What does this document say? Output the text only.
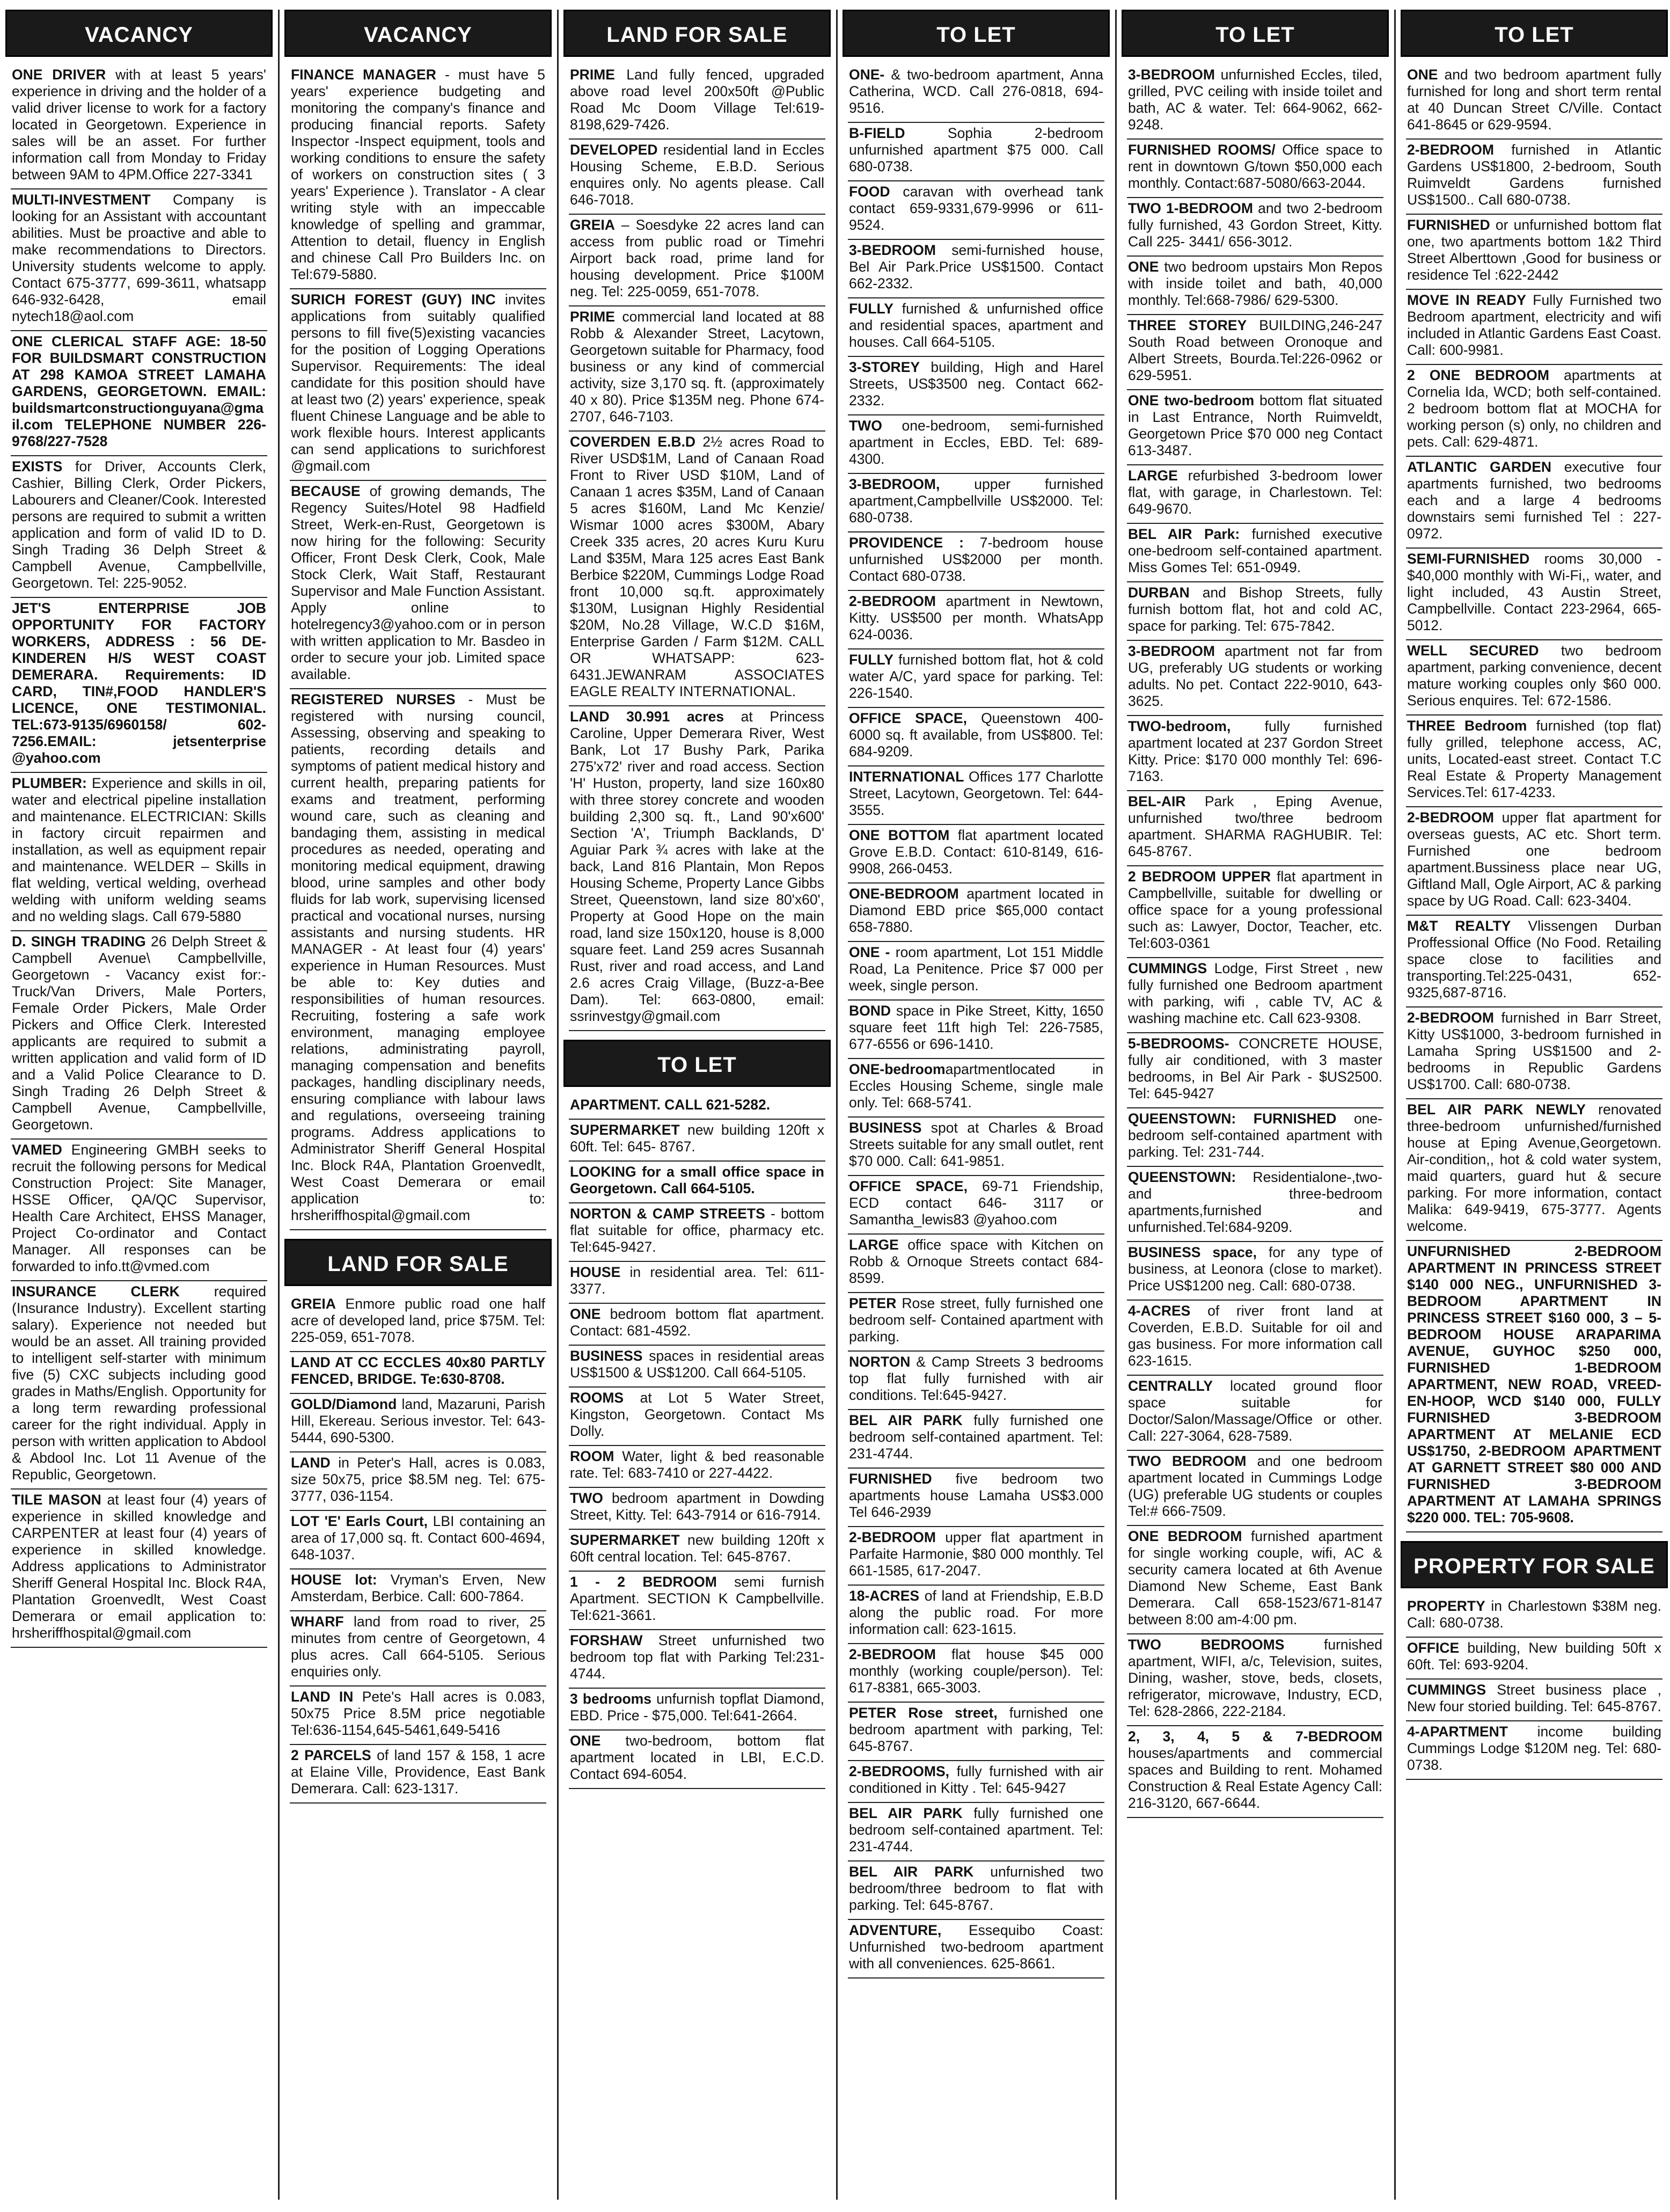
VACANCY
ONE DRIVER with at least 5 years' experience in driving and the holder of a valid driver license to work for a factory located in Georgetown. Experience in sales will be an asset. For further information call from Monday to Friday between 9AM to 4PM.Office 227-3341
MULTI-INVESTMENT Company is looking for an Assistant with accountant abilities. Must be proactive and able to make recommendations to Directors. University students welcome to apply. Contact 675-3777, 699-3611, whatsapp 646-932-6428, email nytech18@aol.com
ONE CLERICAL STAFF AGE: 18-50 FOR BUILDSMART CONSTRUCTION AT 298 KAMOA STREET LAMAHA GARDENS, GEORGETOWN. EMAIL: buildsmartconstructionguyana@gmail.com TELEPHONE NUMBER 226-9768/227-7528
EXISTS for Driver, Accounts Clerk, Cashier, Billing Clerk, Order Pickers, Labourers and Cleaner/Cook. Interested persons are required to submit a written application and form of valid ID to D. Singh Trading 36 Delph Street & Campbell Avenue, Campbellville, Georgetown. Tel: 225-9052.
JET'S ENTERPRISE JOB OPPORTUNITY FOR FACTORY WORKERS, ADDRESS : 56 DE-KINDEREN H/S WEST COAST DEMERARA. Requirements: ID CARD, TIN#,FOOD HANDLER'S LICENCE, ONE TESTIMONIAL. TEL:673-9135/6960158/ 602-7256.EMAIL: jetsenterprise @yahoo.com
PLUMBER: Experience and skills in oil, water and electrical pipeline installation and maintenance. ELECTRICIAN: Skills in factory circuit repairmen and installation, as well as equipment repair and maintenance. WELDER – Skills in flat welding, vertical welding, overhead welding with uniform welding seams and no welding slags. Call 679-5880
D. SINGH TRADING 26 Delph Street & Campbell Avenue\ Campbellville, Georgetown - Vacancy exist for:- Truck/Van Drivers, Male Porters, Female Order Pickers, Male Order Pickers and Office Clerk. Interested applicants are required to submit a written application and valid form of ID and a Valid Police Clearance to D. Singh Trading 26 Delph Street & Campbell Avenue, Campbellville, Georgetown.
VAMED Engineering GMBH seeks to recruit the following persons for Medical Construction Project: Site Manager, HSSE Officer, QA/QC Supervisor, Health Care Architect, EHSS Manager, Project Co-ordinator and Contact Manager. All responses can be forwarded to info.tt@vmed.com
INSURANCE CLERK required (Insurance Industry). Excellent starting salary). Experience not needed but would be an asset. All training provided to intelligent self-starter with minimum five (5) CXC subjects including good grades in Maths/English. Opportunity for a long term rewarding professional career for the right individual. Apply in person with written application to Abdool & Abdool Inc. Lot 11 Avenue of the Republic, Georgetown.
TILE MASON at least four (4) years of experience in skilled knowledge and CARPENTER at least four (4) years of experience in skilled knowledge. Address applications to Administrator Sheriff General Hospital Inc. Block R4A, Plantation Groenvedlt, West Coast Demerara or email application to: hrsheriffhospital@gmail.com
VACANCY
FINANCE MANAGER - must have 5 years' experience budgeting and monitoring the company's finance and producing financial reports. Safety Inspector -Inspect equipment, tools and working conditions to ensure the safety of workers on construction sites ( 3 years' Experience ). Translator - A clear writing style with an impeccable knowledge of spelling and grammar, Attention to detail, fluency in English and chinese Call Pro Builders Inc. on Tel:679-5880.
SURICH FOREST (GUY) INC invites applications from suitably qualified persons to fill five(5)existing vacancies for the position of Logging Operations Supervisor. Requirements: The ideal candidate for this position should have at least two (2) years' experience, speak fluent Chinese Language and be able to work flexible hours. Interest applicants can send applications to surichforest @gmail.com
BECAUSE of growing demands, The Regency Suites/Hotel 98 Hadfield Street, Werk-en-Rust, Georgetown is now hiring for the following: Security Officer, Front Desk Clerk, Cook, Male Stock Clerk, Wait Staff, Restaurant Supervisor and Male Function Assistant. Apply online to hotelregency3@yahoo.com or in person with written application to Mr. Basdeo in order to secure your job. Limited space available.
REGISTERED NURSES - Must be registered with nursing council, Assessing, observing and speaking to patients, recording details and symptoms of patient medical history and current health, preparing patients for exams and treatment, performing wound care, such as cleaning and bandaging them, assisting in medical procedures as needed, operating and monitoring medical equipment, drawing blood, urine samples and other body fluids for lab work, supervising licensed practical and vocational nurses, nursing assistants and nursing students. HR MANAGER - At least four (4) years' experience in Human Resources. Must be able to: Key duties and responsibilities of human resources. Recruiting, fostering a safe work environment, managing employee relations, administrating payroll, managing compensation and benefits packages, handling disciplinary needs, ensuring compliance with labour laws and regulations, overseeing training programs. Address applications to Administrator Sheriff General Hospital Inc. Block R4A, Plantation Groenvedlt, West Coast Demerara or email application to: hrsheriffhospital@gmail.com
LAND FOR SALE
GREIA Enmore public road one half acre of developed land, price $75M. Tel: 225-059, 651-7078.
LAND AT CC ECCLES 40x80 PARTLY FENCED, BRIDGE. Te:630-8708.
GOLD/Diamond land, Mazaruni, Parish Hill, Ekereau. Serious investor. Tel: 643-5444, 690-5300.
LAND in Peter's Hall, acres is 0.083, size 50x75, price $8.5M neg. Tel: 675-3777, 036-1154.
LOT 'E' Earls Court, LBI containing an area of 17,000 sq. ft. Contact 600-4694, 648-1037.
HOUSE lot: Vryman's Erven, New Amsterdam, Berbice. Call: 600-7864.
WHARF land from road to river, 25 minutes from centre of Georgetown, 4 plus acres. Call 664-5105. Serious enquiries only.
LAND IN Pete's Hall acres is 0.083, 50x75 Price 8.5M price negotiable Tel:636-1154,645-5461,649-5416
2 PARCELS of land 157 & 158, 1 acre at Elaine Ville, Providence, East Bank Demerara. Call: 623-1317.
LAND FOR SALE
PRIME Land fully fenced, upgraded above road level 200x50ft @Public Road Mc Doom Village Tel:619-8198,629-7426.
DEVELOPED residential land in Eccles Housing Scheme, E.B.D. Serious enquires only. No agents please. Call 646-7018.
GREIA – Soesdyke 22 acres land can access from public road or Timehri Airport back road, prime land for housing development. Price $100M neg. Tel: 225-0059, 651-7078.
PRIME commercial land located at 88 Robb & Alexander Street, Lacytown, Georgetown suitable for Pharmacy, food business or any kind of commercial activity, size 3,170 sq. ft. (approximately 40 x 80). Price $135M neg. Phone 674-2707, 646-7103.
COVERDEN E.B.D 2½ acres Road to River USD$1M, Land of Canaan Road Front to River USD $10M, Land of Canaan 1 acres $35M, Land of Canaan 5 acres $160M, Land Mc Kenzie/ Wismar 1000 acres $300M, Abary Creek 335 acres, 20 acres Kuru Kuru Land $35M, Mara 125 acres East Bank Berbice $220M, Cummings Lodge Road front 10,000 sq.ft. approximately $130M, Lusignan Highly Residential $20M, No.28 Village, W.C.D $16M, Enterprise Garden / Farm $12M. CALL OR WHATSAPP: 623-6431.JEWANRAM ASSOCIATES EAGLE REALTY INTERNATIONAL.
LAND 30.991 acres at Princess Caroline, Upper Demerara River, West Bank, Lot 17 Bushy Park, Parika 275'x72' river and road access. Section 'H' Huston, property, land size 160x80 with three storey concrete and wooden building 2,300 sq. ft., Land 90'x600' Section 'A', Triumph Backlands, D' Aguiar Park ¾ acres with lake at the back, Land 816 Plantain, Mon Repos Housing Scheme, Property Lance Gibbs Street, Queenstown, land size 80'x60', Property at Good Hope on the main road, land size 150x120, house is 8,000 square feet. Land 259 acres Susannah Rust, river and road access, and Land 2.6 acres Craig Village, (Buzz-a-Bee Dam). Tel: 663-0800, email: ssrinvestgy@gmail.com
TO LET
APARTMENT. CALL 621-5282.
SUPERMARKET new building 120ft x 60ft. Tel: 645- 8767.
LOOKING for a small office space in Georgetown. Call 664-5105.
NORTON & CAMP STREETS - bottom flat suitable for office, pharmacy etc. Tel:645-9427.
HOUSE in residential area. Tel: 611-3377.
ONE bedroom bottom flat apartment. Contact: 681-4592.
BUSINESS spaces in residential areas US$1500 & US$1200. Call 664-5105.
ROOMS at Lot 5 Water Street, Kingston, Georgetown. Contact Ms Dolly.
ROOM Water, light & bed reasonable rate. Tel: 683-7410 or 227-4422.
TWO bedroom apartment in Dowding Street, Kitty. Tel: 643-7914 or 616-7914.
SUPERMARKET new building 120ft x 60ft central location. Tel: 645-8767.
1 - 2 BEDROOM semi furnish Apartment. SECTION K Campbellville. Tel:621-3661.
FORSHAW Street unfurnished two bedroom top flat with Parking Tel:231-4744.
3 bedrooms unfurnish topflat Diamond, EBD. Price - $75,000. Tel:641-2664.
ONE two-bedroom, bottom flat apartment located in LBI, E.C.D. Contact 694-6054.
TO LET
ONE- & two-bedroom apartment, Anna Catherina, WCD. Call 276-0818, 694-9516.
B-FIELD Sophia 2-bedroom unfurnished apartment $75 000. Call 680-0738.
FOOD caravan with overhead tank contact 659-9331,679-9996 or 611-9524.
3-BEDROOM semi-furnished house, Bel Air Park.Price US$1500. Contact 662-2332.
FULLY furnished & unfurnished office and residential spaces, apartment and houses. Call 664-5105.
3-STOREY building, High and Harel Streets, US$3500 neg. Contact 662-2332.
TWO one-bedroom, semi-furnished apartment in Eccles, EBD. Tel: 689-4300.
3-BEDROOM, upper furnished apartment,Campbellville US$2000. Tel: 680-0738.
PROVIDENCE : 7-bedroom house unfurnished US$2000 per month. Contact 680-0738.
2-BEDROOM apartment in Newtown, Kitty. US$500 per month. WhatsApp 624-0036.
FULLY furnished bottom flat, hot & cold water A/C, yard space for parking. Tel: 226-1540.
OFFICE SPACE, Queenstown 400-6000 sq. ft available, from US$800. Tel: 684-9209.
INTERNATIONAL Offices 177 Charlotte Street, Lacytown, Georgetown. Tel: 644-3555.
ONE BOTTOM flat apartment located Grove E.B.D. Contact: 610-8149, 616-9908, 266-0453.
ONE-BEDROOM apartment located in Diamond EBD price $65,000 contact 658-7880.
ONE - room apartment, Lot 151 Middle Road, La Penitence. Price $7 000 per week, single person.
BOND space in Pike Street, Kitty, 1650 square feet 11ft high Tel: 226-7585, 677-6556 or 696-1410.
ONE-bedroomapartmentlocated in Eccles Housing Scheme, single male only. Tel: 668-5741.
BUSINESS spot at Charles & Broad Streets suitable for any small outlet, rent $70 000. Call: 641-9851.
OFFICE SPACE, 69-71 Friendship, ECD contact 646- 3117 or Samantha_lewis83 @yahoo.com
LARGE office space with Kitchen on Robb & Ornoque Streets contact 684-8599.
PETER Rose street, fully furnished one bedroom self- Contained apartment with parking.
NORTON & Camp Streets 3 bedrooms top flat fully furnished with air conditions. Tel:645-9427.
BEL AIR PARK fully furnished one bedroom self-contained apartment. Tel: 231-4744.
FURNISHED five bedroom two apartments house Lamaha US$3.000 Tel 646-2939
2-BEDROOM upper flat apartment in Parfaite Harmonie, $80 000 monthly. Tel 661-1585, 617-2047.
18-ACRES of land at Friendship, E.B.D along the public road. For more information call: 623-1615.
2-BEDROOM flat house $45 000 monthly (working couple/person). Tel: 617-8381, 665-3003.
PETER Rose street, furnished one bedroom apartment with parking, Tel: 645-8767.
2-BEDROOMS, fully furnished with air conditioned in Kitty . Tel: 645-9427
BEL AIR PARK fully furnished one bedroom self-contained apartment. Tel: 231-4744.
BEL AIR PARK unfurnished two bedroom/three bedroom to flat with parking. Tel: 645-8767.
ADVENTURE, Essequibo Coast: Unfurnished two-bedroom apartment with all conveniences. 625-8661.
TO LET
3-BEDROOM unfurnished Eccles, tiled, grilled, PVC ceiling with inside toilet and bath, AC & water. Tel: 664-9062, 662-9248.
FURNISHED ROOMS/ Office space to rent in downtown G/town $50,000 each monthly. Contact:687-5080/663-2044.
TWO 1-BEDROOM and two 2-bedroom fully furnished, 43 Gordon Street, Kitty. Call 225- 3441/ 656-3012.
ONE two bedroom upstairs Mon Repos with inside toilet and bath, 40,000 monthly. Tel:668-7986/ 629-5300.
THREE STOREY BUILDING,246-247 South Road between Oronoque and Albert Streets, Bourda.Tel:226-0962 or 629-5951.
ONE two-bedroom bottom flat situated in Last Entrance, North Ruimveldt, Georgetown Price $70 000 neg Contact 613-3487.
LARGE refurbished 3-bedroom lower flat, with garage, in Charlestown. Tel: 649-9670.
BEL AIR Park: furnished executive one-bedroom self-contained apartment. Miss Gomes Tel: 651-0949.
DURBAN and Bishop Streets, fully furnish bottom flat, hot and cold AC, space for parking. Tel: 675-7842.
3-BEDROOM apartment not far from UG, preferably UG students or working adults. No pet. Contact 222-9010, 643-3625.
TWO-bedroom, fully furnished apartment located at 237 Gordon Street Kitty. Price: $170 000 monthly Tel: 696-7163.
BEL-AIR Park , Eping Avenue, unfurnished two/three bedroom apartment. SHARMA RAGHUBIR. Tel: 645-8767.
2 BEDROOM UPPER flat apartment in Campbellville, suitable for dwelling or office space for a young professional such as: Lawyer, Doctor, Teacher, etc. Tel:603-0361
CUMMINGS Lodge, First Street , new fully furnished one Bedroom apartment with parking, wifi , cable TV, AC & washing machine etc. Call 623-9308.
5-BEDROOMS- CONCRETE HOUSE, fully air conditioned, with 3 master bedrooms, in Bel Air Park - $US2500. Tel: 645-9427
QUEENSTOWN: FURNISHED one-bedroom self-contained apartment with parking. Tel: 231-744.
QUEENSTOWN: Residentialone-,two-and three-bedroom apartments,furnished and unfurnished.Tel:684-9209.
BUSINESS space, for any type of business, at Leonora (close to market). Price US$1200 neg. Call: 680-0738.
4-ACRES of river front land at Coverden, E.B.D. Suitable for oil and gas business. For more information call 623-1615.
CENTRALLY located ground floor space suitable for Doctor/Salon/Massage/Office or other. Call: 227-3064, 628-7589.
TWO BEDROOM and one bedroom apartment located in Cummings Lodge (UG) preferable UG students or couples Tel:# 666-7509.
ONE BEDROOM furnished apartment for single working couple, wifi, AC & security camera located at 6th Avenue Diamond New Scheme, East Bank Demerara. Call 658-1523/671-8147 between 8:00 am-4:00 pm.
TWO BEDROOMS furnished apartment, WIFI, a/c, Television, suites, Dining, washer, stove, beds, closets, refrigerator, microwave, Industry, ECD, Tel: 628-2866, 222-2184.
2, 3, 4, 5 & 7-BEDROOM houses/apartments and commercial spaces and Building to rent. Mohamed Construction & Real Estate Agency Call: 216-3120, 667-6644.
TO LET
ONE and two bedroom apartment fully furnished for long and short term rental at 40 Duncan Street C/Ville. Contact 641-8645 or 629-9594.
2-BEDROOM furnished in Atlantic Gardens US$1800, 2-bedroom, South Ruimveldt Gardens furnished US$1500.. Call 680-0738.
FURNISHED or unfurnished bottom flat one, two apartments bottom 1&2 Third Street Alberttown ,Good for business or residence Tel :622-2442
MOVE IN READY Fully Furnished two Bedroom apartment, electricity and wifi included in Atlantic Gardens East Coast. Call: 600-9981.
2 ONE BEDROOM apartments at Cornelia Ida, WCD; both self-contained. 2 bedroom bottom flat at MOCHA for working person (s) only, no children and pets. Call: 629-4871.
ATLANTIC GARDEN executive four apartments furnished, two bedrooms each and a large 4 bedrooms downstairs semi furnished Tel : 227-0972.
SEMI-FURNISHED rooms 30,000 - $40,000 monthly with Wi-Fi,, water, and light included, 43 Austin Street, Campbellville. Contact 223-2964, 665-5012.
WELL SECURED two bedroom apartment, parking convenience, decent mature working couples only $60 000. Serious enquires. Tel: 672-1586.
THREE Bedroom furnished (top flat) fully grilled, telephone access, AC, units, Located-east street. Contact T.C Real Estate & Property Management Services.Tel: 617-4233.
2-BEDROOM upper flat apartment for overseas guests, AC etc. Short term. Furnished one bedroom apartment.Bussiness place near UG, Giftland Mall, Ogle Airport, AC & parking space by UG Road. Call: 623-3404.
M&T REALTY Vlissengen Durban Proffessional Office (No Food. Retailing space close to facilities and transporting.Tel:225-0431, 652-9325,687-8716.
2-BEDROOM furnished in Barr Street, Kitty US$1000, 3-bedroom furnished in Lamaha Spring US$1500 and 2-bedrooms in Republic Gardens US$1700. Call: 680-0738.
BEL AIR PARK NEWLY renovated three-bedroom unfurnished/furnished house at Eping Avenue,Georgetown. Air-condition,, hot & cold water system, maid quarters, guard hut & secure parking. For more information, contact Malika: 649-9419, 675-3777. Agents welcome.
UNFURNISHED 2-BEDROOM APARTMENT IN PRINCESS STREET $140 000 NEG., UNFURNISHED 3-BEDROOM APARTMENT IN PRINCESS STREET $160 000, 3 – 5-BEDROOM HOUSE ARAPARIMA AVENUE, GUYHOC $250 000, FURNISHED 1-BEDROOM APARTMENT, NEW ROAD, VREED-EN-HOOP, WCD $140 000, FULLY FURNISHED 3-BEDROOM APARTMENT AT MELANIE ECD US$1750, 2-BEDROOM APARTMENT AT GARNETT STREET $80 000 AND FURNISHED 3-BEDROOM APARTMENT AT LAMAHA SPRINGS $220 000. TEL: 705-9608.
PROPERTY FOR SALE
PROPERTY in Charlestown $38M neg. Call: 680-0738.
OFFICE building, New building 50ft x 60ft. Tel: 693-9204.
CUMMINGS Street business place , New four storied building. Tel: 645-8767.
4-APARTMENT income building Cummings Lodge $120M neg. Tel: 680-0738.
